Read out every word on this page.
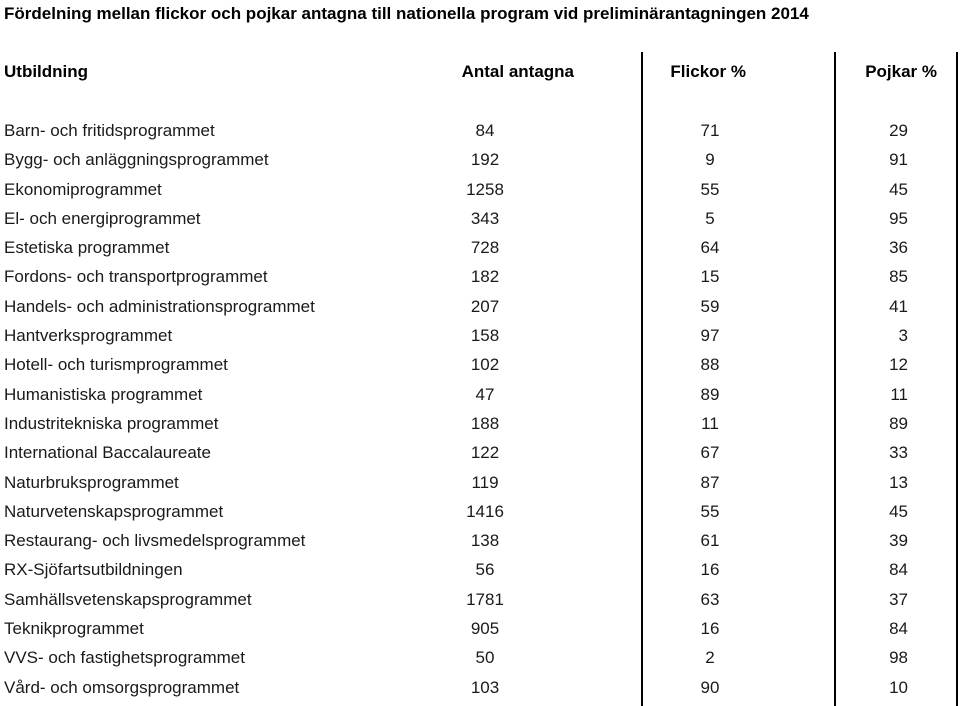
Fördelning mellan flickor och pojkar antagna till nationella program vid preliminärantagningen 2014
Utbildning	Antal antagna	Flickor %	Pojkar %
Barn- och fritidsprogrammet	84	71	29
Bygg- och anläggningsprogrammet	192	9	91
Ekonomiprogrammet	1258	55	45
El- och energiprogrammet	343	5	95
Estetiska programmet	728	64	36
Fordons- och transportprogrammet	182	15	85
Handels- och administrationsprogrammet	207	59	41
Hantverksprogrammet	158	97	3
Hotell- och turismprogrammet	102	88	12
Humanistiska programmet	47	89	11
Industritekniska programmet	188	11	89
International Baccalaureate	122	67	33
Naturbruksprogrammet	119	87	13
Naturvetenskapsprogrammet	1416	55	45
Restaurang- och livsmedelsprogrammet	138	61	39
RX-Sjöfartsutbildningen	56	16	84
Samhällsvetenskapsprogrammet	1781	63	37
Teknikprogrammet	905	16	84
VVS- och fastighetsprogrammet	50	2	98
Vård- och omsorgsprogrammet	103	90	10
